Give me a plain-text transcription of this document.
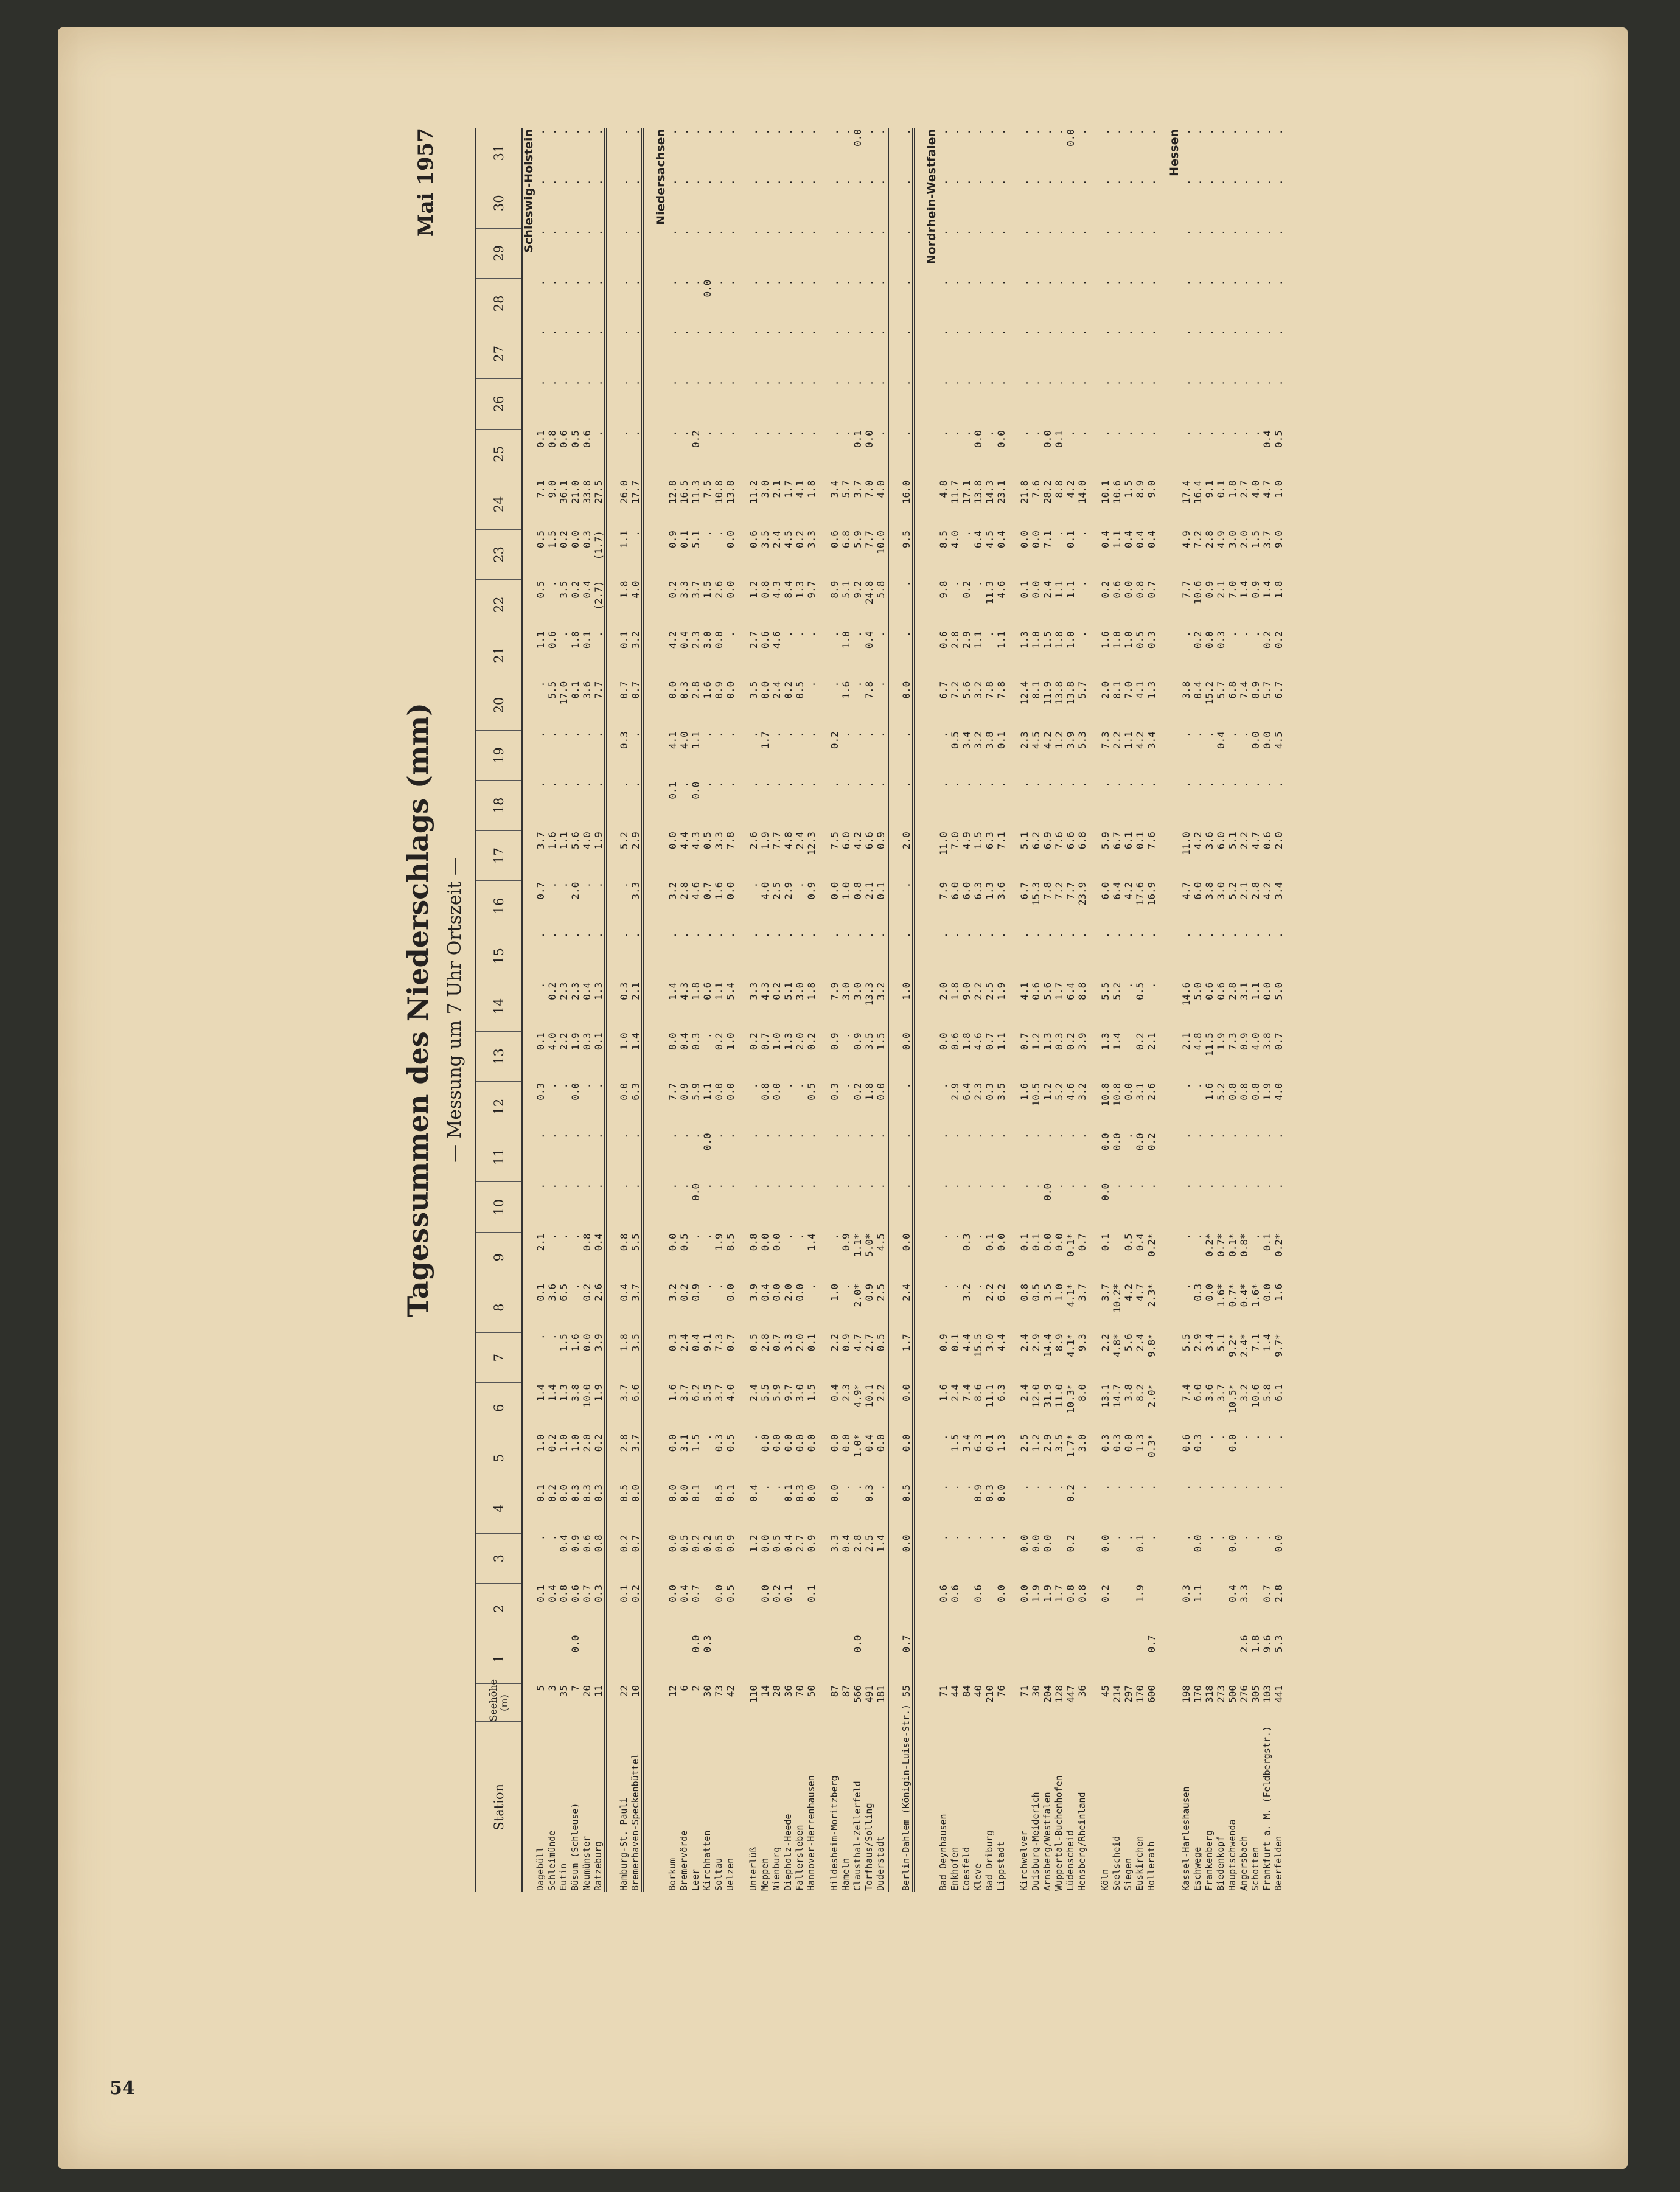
54
Tagessummen des Niederschlags (mm) — Messung um 7 Uhr Ortszeit —
Mai 1957
Station	Seehöhe (m)	1	2	3	4	5	6	7	8	9	10	11	12	13	14	15	16	17	18	19	20	21	22	23	24	25	26	27	28	29	30	31
Schleswig-Holstein																																
Dagebüll	5		0.1	.	0.1	1.0	1.4	.	0.1	2.1	.	.	0.3	0.1	.	.	0.7	3.7	.	.	.	1.1	0.5	0.5	7.1	0.1	.	.	.	.	.	.
Schleimünde	3		0.4	.	0.2	0.2	1.4	.	3.6	.	.	.	.	4.0	0.2	.	.	1.6	.	.	5.5	0.6	.	1.5	9.0	0.8	.	.	.	.	.	.
Eutin	35		0.8	0.4	0.0	1.0	1.3	1.5	6.5	.	.	.	.	2.2	2.3	.	.	1.1	.	.	17.0	.	3.5	0.2	36.1	0.6	.	.	.	.	.	.
Büsum (Schleuse)	7	0.0	0.6	0.9	0.3	1.0	3.8	1.6	.	.	.	.	0.0	1.9	2.3	.	2.0	5.6	.	.	0.1	1.8	0.2	0.0	21.0	0.5	.	.	.	.	.	.
Neumünster	20		0.7	0.6	0.3	2.0	10.0	0.0	0.2	0.8	.	.	.	0.3	0.4	.	.	4.0	.	.	3.6	0.1	0.4	0.3	33.8	0.6	.	.	.	.	.	.
Ratzeburg	11		0.3	0.8	0.3	0.2	1.9	3.9	2.6	0.4	.	.	.	0.1	1.3	.	.	1.9	.	.	7.7	.	(2.7)	(1.7)	27.5	.	.	.	.	.	.	.

Hamburg-St. Pauli	22		0.1	0.2	0.5	2.8	3.7	1.8	0.4	0.8	.	.	0.0	1.0	0.3	.	.	5.2	.	0.3	0.7	0.1	1.8	1.1	26.0	.	.	.	.	.	.	.
Bremerhaven-Speckenbüttel	10		0.2	0.7	0.0	3.7	6.6	3.5	3.7	5.5	.	.	6.3	1.4	2.1	.	3.3	2.9	.	.	0.7	3.2	4.0	.	17.7	.	.	.	.	.	.	.

Niedersachsen																																
Borkum	12		0.0	0.0	0.0	0.0	1.6	0.3	3.2	0.0	.	.	7.7	8.0	1.4	.	3.2	0.0	0.1	4.1	0.0	4.2	0.2	0.9	12.8	.	.	.	.	.	.	.
Bremervörde	6		0.4	0.5	0.0	3.1	3.7	2.4	0.2	0.5	.	.	0.9	0.4	4.3	.	2.8	4.4	.	4.0	0.3	0.4	3.3	0.1	16.5	.	.	.	.	.	.	.
Leer	2	0.0	0.7	0.2	0.1	1.5	6.2	0.4	0.9	.	0.0	.	5.9	0.3	1.8	.	4.6	4.3	0.0	1.1	2.8	2.3	3.7	5.1	11.3	0.2	.	.	.	.	.	.
Kirchhatten	30	0.3		0.2		.	5.5	9.1	.	.	.	0.0	1.1	.	0.6	.	0.7	0.5	.	.	1.6	3.0	1.5	.	7.5	.	.	.	0.0	.	.	.
Soltau	73		0.0	0.5	0.5	0.3	3.7	7.3	.	1.9	.	.	0.0	0.2	1.1	.	1.6	3.3	.	.	0.9	0.0	2.6	.	10.8	.	.	.	.	.	.	.
Uelzen	42		0.5	0.9	0.1	0.5	4.0	0.7	0.0	8.5	.	.	0.0	1.0	5.4	.	0.0	7.8	.	.	0.0	.	0.0	0.0	13.8	.	.	.	.	.	.	.

Unterlüß	110			1.2	0.4	.	2.4	0.5	3.9	0.8	.	.	.	0.2	3.3	.	.	2.6	.	.	3.5	2.7	1.2	0.6	11.2	.	.	.	.	.	.	.
Meppen	14		0.0	0.0	.	0.0	5.5	2.8	0.4	0.0	.	.	0.8	0.7	4.3	.	4.0	1.9	.	1.7	0.0	0.6	0.8	3.5	3.0	.	.	.	.	.	.	.
Nienburg	28		0.2	0.5	.	0.0	5.9	0.7	0.0	0.0	.	.	0.0	1.0	0.2	.	2.5	7.7	.	.	2.4	4.6	4.3	2.4	2.1	.	.	.	.	.	.	.
Diepholz-Heede	36		0.1	0.4	0.1	0.0	9.7	3.3	2.0	.	.	.	.	1.3	5.1	.	2.9	4.8	.	.	0.2	.	8.4	4.5	1.7	.	.	.	.	.	.	.
Fallersleben	70			2.7	0.3	0.0	3.0	2.0	0.0	.	.	.	.	2.0	3.0	.	.	2.4	.	.	0.5	.	1.3	0.2	4.1	.	.	.	.	.	.	.
Hannover-Herrenhausen	50		0.1	0.9	0.0	0.0	1.5	0.1	.	1.4	.	.	0.5	0.2	1.8	.	0.9	12.3	.	.	.	.	9.7	3.3	1.8	.	.	.	.	.	.	.

Hildesheim-Moritzberg	87			3.3	0.0	0.0	0.4	2.2	1.0	.	.	.	0.3	0.9	7.9	.	0.0	7.5	.	0.2	.	.	8.9	0.6	3.4	.	.	.	.	.	.	.
Hameln	87			0.4	.	0.0	2.3	0.9	.	0.9	.	.	.	.	3.0	.	1.0	6.0	.	.	1.6	1.0	5.1	6.8	5.7	.	.	.	.	.	.	.
Clausthal-Zellerfeld	566	0.0		2.8	.	1.0*	4.9*	4.7	2.0*	1.1*	.	.	0.2	0.9	3.0	.	0.8	4.2	.	.	.	.	9.2	5.9	3.7	0.1	.	.	.	.	.	0.0
Torfhaus/Solling	491			2.5	0.3	0.4	10.1	2.7	0.9	5.0*	.	.	1.8	3.5	13.3	.	2.1	6.6	.	.	7.8	0.4	24.8	7.7	7.0	0.0	.	.	.	.	.	.
Duderstadt	181			1.4	.	0.0	2.2	0.5	2.5	4.5	.	.	0.0	1.5	3.2	.	0.1	0.9	.	.	.	.	5.8	10.0	4.0	.	.	.	.	.	.	.

Berlin-Dahlem (Königin-Luise-Str.)	55	0.7		0.0	0.5	0.0	0.0	1.7	2.4	0.0	.	.	.	0.0	1.0	.	.	2.0	.	.	0.0	.	.	9.5	16.0	.	.	.	.	.	.	.

Nordrhein-Westfalen																																
Bad Oeynhausen	71		0.6	.	.	.	1.6	0.9	.	.	.	.	.	0.0	2.0	.	7.9	11.0	.	.	6.7	0.6	9.8	8.5	4.8	.	.	.	.	.	.	.
Enkhofen	44		0.6	.	.	1.5	2.4	0.1	.	.	.	.	2.9	0.6	1.8	.	6.0	7.0	.	0.5	7.2	2.8	.	4.0	11.7	.	.	.	.	.	.	.
Coesfeld	84			.	.	3.4	7.4	4.4	3.2	0.3	.	.	6.4	1.8	9.0	.	6.0	4.9	.	3.4	5.6	2.9	0.2	.	17.1	.	.	.	.	.	.	.
Kleve	40		0.6	.	0.9	6.3	8.6	15.5	.	.	.	.	2.3	4.6	2.2	.	6.3	1.5	.	3.2	3.2	1.1	.	6.4	13.8	0.0	.	.	.	.	.	.
Bad Driburg	210			.	0.3	0.1	11.1	3.0	2.2	0.1	.	.	0.3	0.7	2.5	.	1.3	6.3	.	3.8	7.8	.	11.3	4.5	14.3	.	.	.	.	.	.	.
Lippstadt	76		0.0	.	0.0	1.3	6.3	4.4	6.2	0.0	.	.	3.5	1.1	1.9	.	3.6	7.1	.	0.1	7.8	1.1	4.6	0.4	23.1	0.0	.	.	.	.	.	.

Kirchwelver	71		0.0	0.0	.	2.5	2.4	2.4	0.8	0.1	.	.	1.6	0.7	4.1	.	6.7	5.1	.	2.3	12.4	1.3	0.1	0.0	21.8	.	.	.	.	.	.	.
Duisburg-Meiderich	30		1.9	0.0	.	1.2	12.0	2.9	0.5	0.1	.	.	10.5	1.2	0.6	.	15.3	6.2	.	4.5	8.1	1.0	0.0	0.0	7.6	.	.	.	.	.	.	.
Arnsberg/Westfalen	204		1.9	0.0	.	2.9	31.9	14.4	3.5	0.0	0.0	.	1.2	1.3	5.6	.	7.8	6.9	.	4.2	11.9	1.5	2.4	7.1	28.2	0.0	.	.	.	.	.	.
Wuppertal-Buchenhofen	128		1.7		.	3.5	11.0	8.9	1.0	0.0	.	.	5.2	0.3	1.7	.	7.2	7.6	.	1.2	13.8	1.8	1.1	.	8.8	0.1	.	.	.	.	.	.
Lüdenscheid	447		0.8	0.2	0.2	1.7*	10.3*	4.1*	4.1*	0.1*	.	.	4.6	0.2	6.4	.	7.7	6.6	.	3.9	13.8	1.0	1.1	0.1	4.2	.	.	.	.	.	.	0.0
Hensberg/Rheinland	36		0.8		.	3.0	8.0	9.3	3.7	0.7	.	.	3.2	3.9	8.8	.	23.9	6.8	.	5.3	5.7	.	.	.	14.0	.	.	.	.	.	.	.

Köln	45		0.2	0.0	.	0.3	13.1	2.2	3.7	0.1	0.0	0.0	10.8	1.3	5.5	.	6.0	5.9	.	7.3	2.0	1.6	0.2	0.4	10.1	.	.	.	.	.	.	.
Seelscheid	214			.	.	0.3	14.7	4.8*	10.2*		.	0.0	10.8	1.4	5.2	.	6.4	6.7	.	2.2	8.1	1.0	0.6	1.1	10.6	.	.	.	.	.	.	.
Siegen	297			.	.	0.0	3.8	5.6	4.2	0.5	.	.	0.0		.	.	4.2	6.1	.	1.1	7.0	1.0	0.0	0.4	1.5	.	.	.	.	.	.	.
Euskirchen	170		1.9	0.1	.	1.3	8.2	2.4	4.7	0.4	.	0.0	3.1	0.2	0.5	.	17.6	0.1	.	4.2	4.1	0.5	0.8	0.4	8.9	.	.	.	.	.	.	.
Hollerath	600	0.7		.	.	0.3*	2.0*	9.8*	2.3*	0.2*	.	0.2	2.6	2.1	.	.	16.9	7.6	.	3.4	1.3	0.3	0.7	0.4	9.0	.	.	.	.	.	.	.

Hessen																																
Kassel-Harleshausen	198		0.3	.	.	0.6	7.4	5.5	.	.	.	.	.	2.1	14.6	.	4.7	11.0	.	.	3.8	.	7.7	4.9	17.4	.	.	.	.	.	.	.
Eschwege	170		1.1	0.0	.	0.3	6.0	2.9	0.3	.	.	.	.	4.8	5.0	.	6.0	4.2	.	.	0.4	0.2	10.6	7.2	16.4	.	.	.	.	.	.	.
Frankenberg	318			.	.	.	3.6	3.4	0.0	0.2*	.	.	1.6	11.5	0.6	.	3.8	3.6	.	.	15.2	0.0	0.9	2.8	9.1	.	.	.	.	.	.	.
Biedenkopf	273			.	.	.	3.7	5.1	1.6*	0.7*	.	.	5.2	1.9	0.6	.	3.0	6.0	.	0.4	5.7	0.3	2.1	4.9	0.1	.	.	.	.	.	.	.
Hauptschwenda	500		0.4	0.0	.	0.0	10.5*	9.2*	0.7*	0.1*	.	.	0.8	7.3	2.8	.	5.2	5.1	.	.	6.8	.	7.0	3.0	1.8	.	.	.	.	.	.	.
Angersbach	276	2.6	3.3	.	.	.	3.2	2.4*	0.4*	0.8*	.	.	0.8	0.9	3.1	.	2.1	2.2	.	.	7.4	.	1.4	2.0	2.7	.	.	.	.	.	.	.
Schotten	305	1.8		.	.	.	10.6	7.1	1.6*	.	.	.	0.8	4.0	1.1	.	2.8	4.7	.	0.0	8.9	.	0.9	1.5	4.0	.	.	.	.	.	.	.
Frankfurt a. M. (Feldbergstr.)	103	9.6	0.7	.	.	.	5.8	1.4	0.0	0.1	.	.	1.9	3.8	0.0	.	4.2	0.6	.	0.0	5.7	0.2	1.4	3.7	4.7	0.4	.	.	.	.	.	.
Beerfelden	441	5.3	2.8	0.0	.	.	6.1	9.7*	1.6	0.2*	.	.	4.0	0.7	5.0	.	3.4	2.0	.	4.5	6.7	0.2	1.8	9.0	1.0	0.5	.	.	.	.	.	.
